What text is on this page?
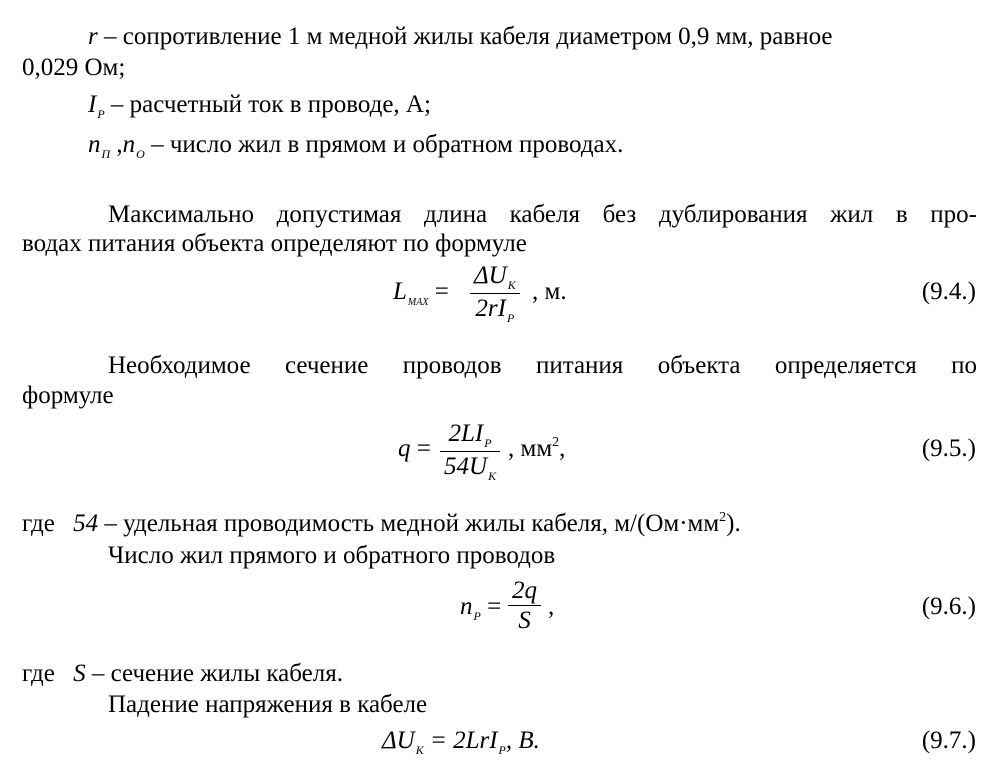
r – сопротивление 1 м медной жилы кабеля диаметром 0,9 мм, равное
0,029 Ом;
$I_Р$ – расчетный ток в проводе, А;
$n_П$ $,n_О$ – число жил в прямом и обратном проводах.
Максимально допустимая длина кабеля без дублирования жил в про-
водах питания объекта определяют по формуле
$L_{MAX}$ =
$\Delta U_К$
$2rI_Р$
, м.	(9.4.)
Необходимое сечение проводов питания объекта определяется по
формуле
q =
$2LI_Р$
$54U_К$
, $мм^2$,	(9.5.)
где 54 – удельная проводимость медной жилы кабеля, $м/(Ом\cdot мм^2)$.
Число жил прямого и обратного проводов
$n_Р = \frac{2q}{S}$ ,	(9.6.)
где S – сечение жилы кабеля.
Падение напряжения в кабеле
$\Delta U_К = 2LrI_Р$, B.	(9.7.)
